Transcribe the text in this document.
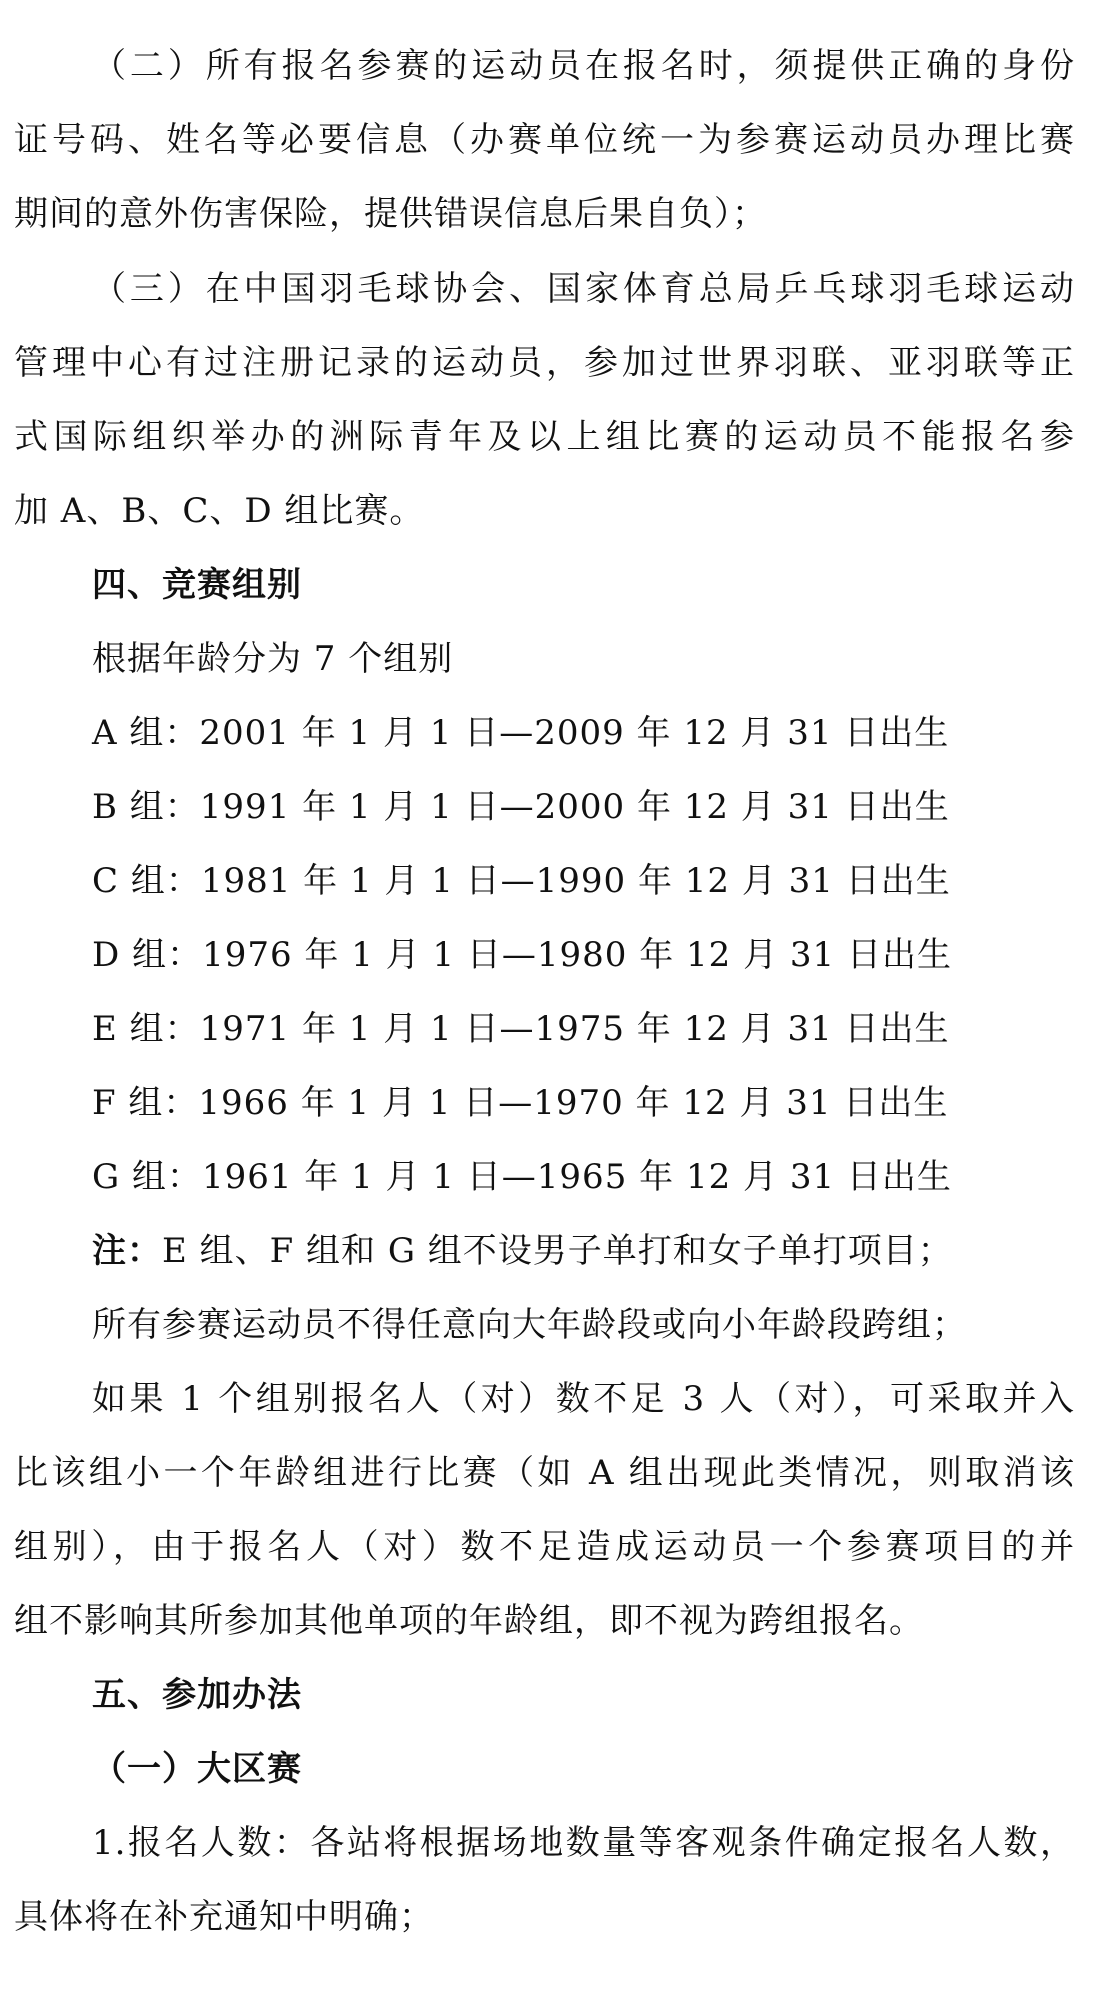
（二）所有报名参赛的运动员在报名时，须提供正确的身份
证号码、姓名等必要信息（办赛单位统一为参赛运动员办理比赛
期间的意外伤害保险，提供错误信息后果自负）；
（三）在中国羽毛球协会、国家体育总局乒乓球羽毛球运动
管理中心有过注册记录的运动员，参加过世界羽联、亚羽联等正
式国际组织举办的洲际青年及以上组比赛的运动员不能报名参
加 A、B、C、D 组比赛。
四、竞赛组别
根据年龄分为 7 个组别
A 组：2001 年 1 月 1 日—2009 年 12 月 31 日出生
B 组：1991 年 1 月 1 日—2000 年 12 月 31 日出生
C 组：1981 年 1 月 1 日—1990 年 12 月 31 日出生
D 组：1976 年 1 月 1 日—1980 年 12 月 31 日出生
E 组：1971 年 1 月 1 日—1975 年 12 月 31 日出生
F 组：1966 年 1 月 1 日—1970 年 12 月 31 日出生
G 组：1961 年 1 月 1 日—1965 年 12 月 31 日出生
注：E 组、F 组和 G 组不设男子单打和女子单打项目；
所有参赛运动员不得任意向大年龄段或向小年龄段跨组；
如果 1 个组别报名人（对）数不足 3 人（对），可采取并入
比该组小一个年龄组进行比赛（如 A 组出现此类情况，则取消该
组别），由于报名人（对）数不足造成运动员一个参赛项目的并
组不影响其所参加其他单项的年龄组，即不视为跨组报名。
五、参加办法
（一）大区赛
1.报名人数：各站将根据场地数量等客观条件确定报名人数，
具体将在补充通知中明确；
